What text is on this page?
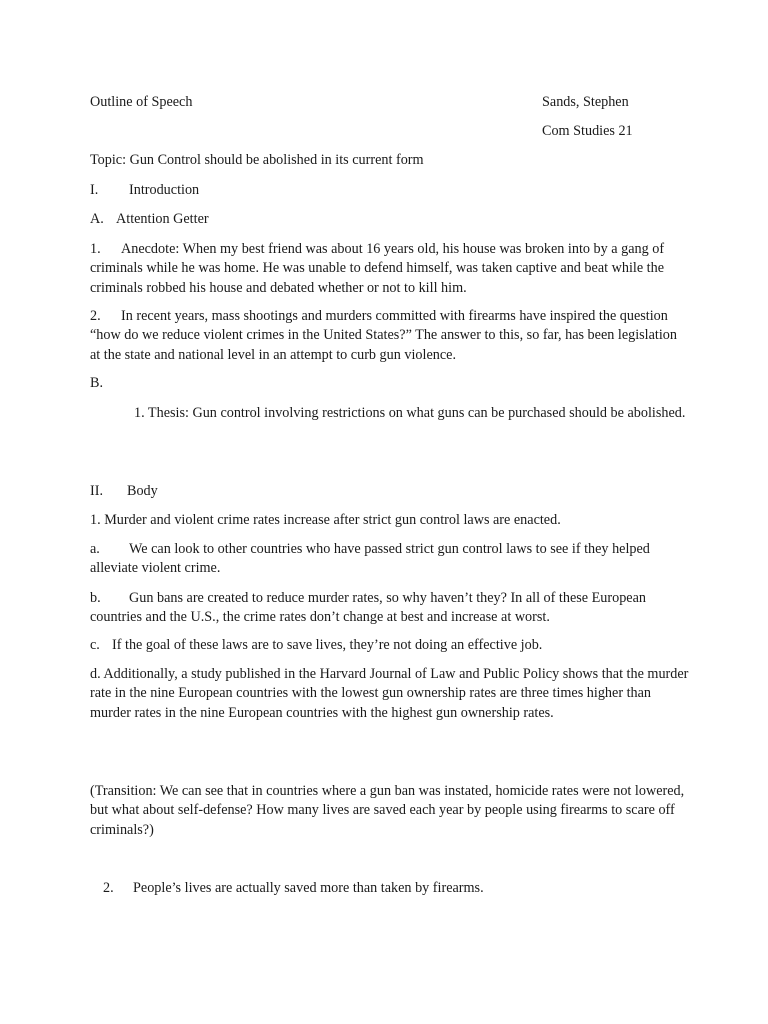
Outline of Speech	Sands, Stephen
Com Studies 21
Topic: Gun Control should be abolished in its current form
I. Introduction
A. Attention Getter
1. Anecdote: When my best friend was about 16 years old, his house was broken into by a gang of criminals while he was home. He was unable to defend himself, was taken captive and beat while the criminals robbed his house and debated whether or not to kill him.
2. In recent years, mass shootings and murders committed with firearms have inspired the question “how do we reduce violent crimes in the United States?” The answer to this, so far, has been legislation at the state and national level in an attempt to curb gun violence.
B.
1. Thesis: Gun control involving restrictions on what guns can be purchased should be abolished.
II. Body
1. Murder and violent crime rates increase after strict gun control laws are enacted.
a. We can look to other countries who have passed strict gun control laws to see if they helped alleviate violent crime.
b. Gun bans are created to reduce murder rates, so why haven’t they? In all of these European countries and the U.S., the crime rates don’t change at best and increase at worst.
c. If the goal of these laws are to save lives, they’re not doing an effective job.
d. Additionally, a study published in the Harvard Journal of Law and Public Policy shows that the murder rate in the nine European countries with the lowest gun ownership rates are three times higher than murder rates in the nine European countries with the highest gun ownership rates.
(Transition: We can see that in countries where a gun ban was instated, homicide rates were not lowered, but what about self-defense? How many lives are saved each year by people using firearms to scare off criminals?)
2. People’s lives are actually saved more than taken by firearms.
